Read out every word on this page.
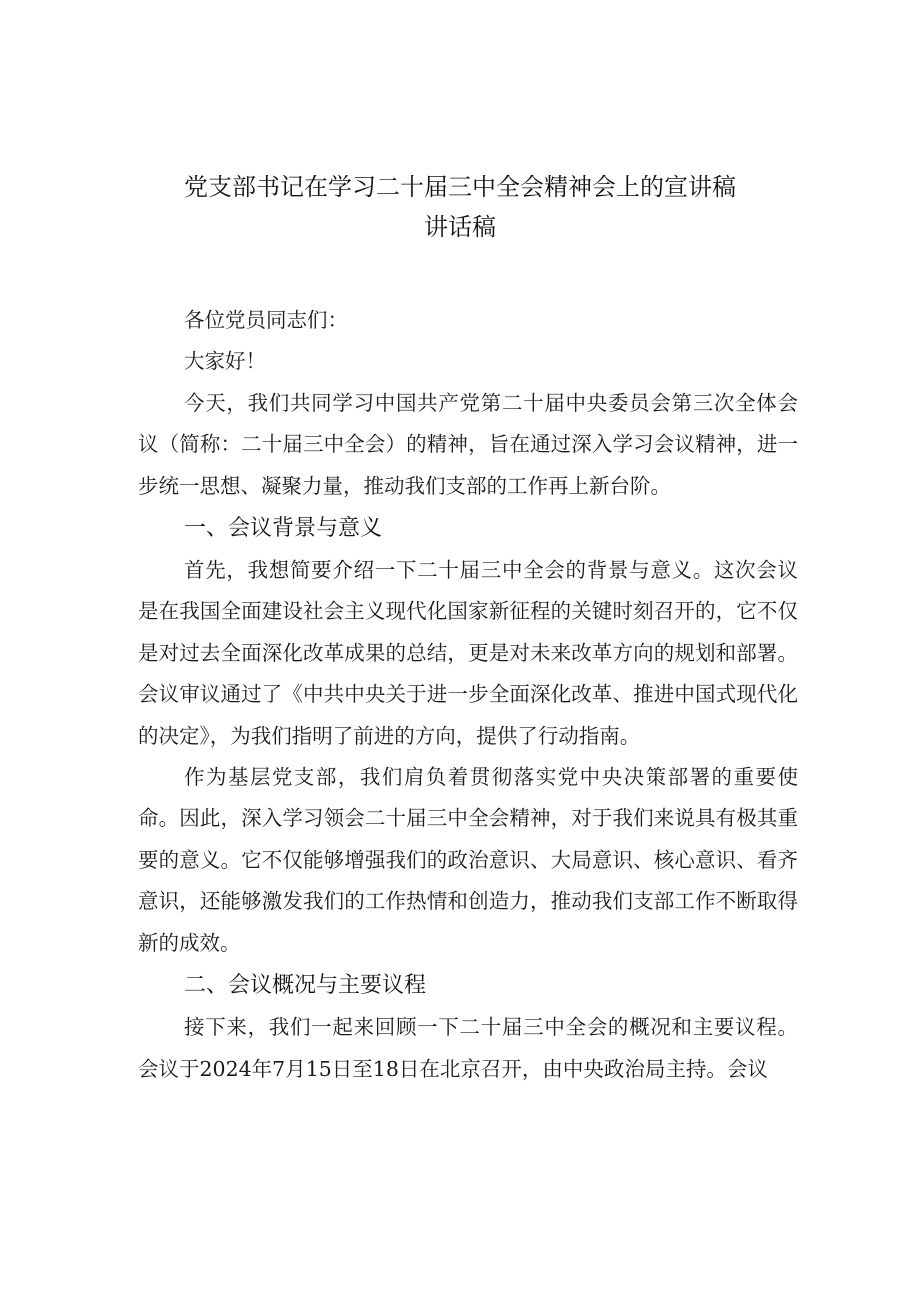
党支部书记在学习二十届三中全会精神会上的宣讲稿
讲话稿

各位党员同志们：

大家好！

今天，我们共同学习中国共产党第二十届中央委员会第三次全体会议（简称：二十届三中全会）的精神，旨在通过深入学习会议精神，进一步统一思想、凝聚力量，推动我们支部的工作再上新台阶。

一、会议背景与意义

首先，我想简要介绍一下二十届三中全会的背景与意义。这次会议是在我国全面建设社会主义现代化国家新征程的关键时刻召开的，它不仅是对过去全面深化改革成果的总结，更是对未来改革方向的规划和部署。会议审议通过了《中共中央关于进一步全面深化改革、推进中国式现代化的决定》，为我们指明了前进的方向，提供了行动指南。

作为基层党支部，我们肩负着贯彻落实党中央决策部署的重要使命。因此，深入学习领会二十届三中全会精神，对于我们来说具有极其重要的意义。它不仅能够增强我们的政治意识、大局意识、核心意识、看齐意识，还能够激发我们的工作热情和创造力，推动我们支部工作不断取得新的成效。

二、会议概况与主要议程

接下来，我们一起来回顾一下二十届三中全会的概况和主要议程。会议于2024年7月15日至18日在北京召开，由中央政治局主持。会议
